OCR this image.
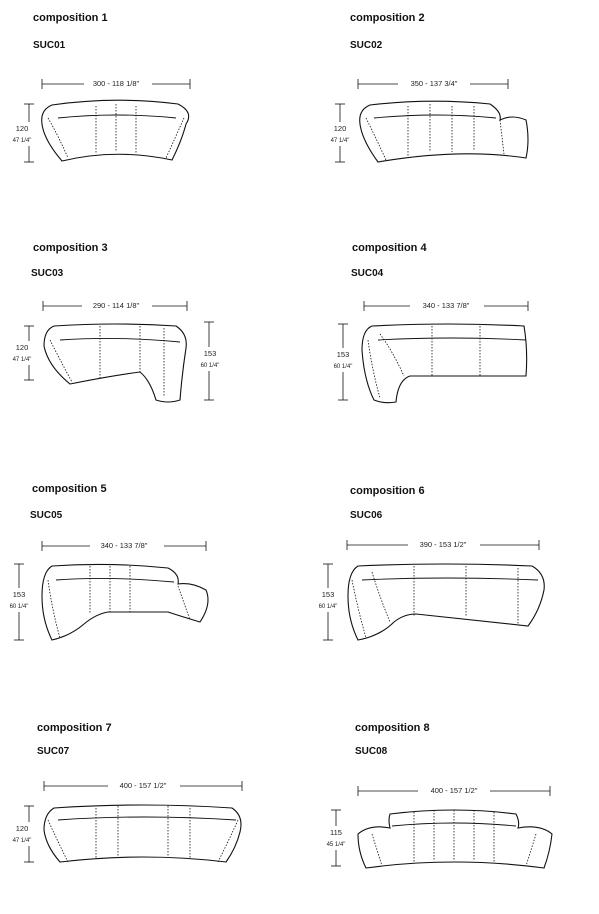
composition 1
SUC01
300 - 118 1/8"
120
47 1/4"
composition 2
SUC02
350 - 137 3/4"
120
47 1/4"
composition 3
SUC03
290 - 114 1/8"
120
47 1/4"
153
60 1/4"
composition 4
SUC04
340 - 133 7/8"
153
60 1/4"
composition 5
SUC05
340 - 133 7/8"
153
60 1/4"
composition 6
SUC06
390 - 153 1/2"
153
60 1/4"
composition 7
SUC07
400 - 157 1/2"
120
47 1/4"
composition 8
SUC08
400 - 157 1/2"
115
45 1/4"
